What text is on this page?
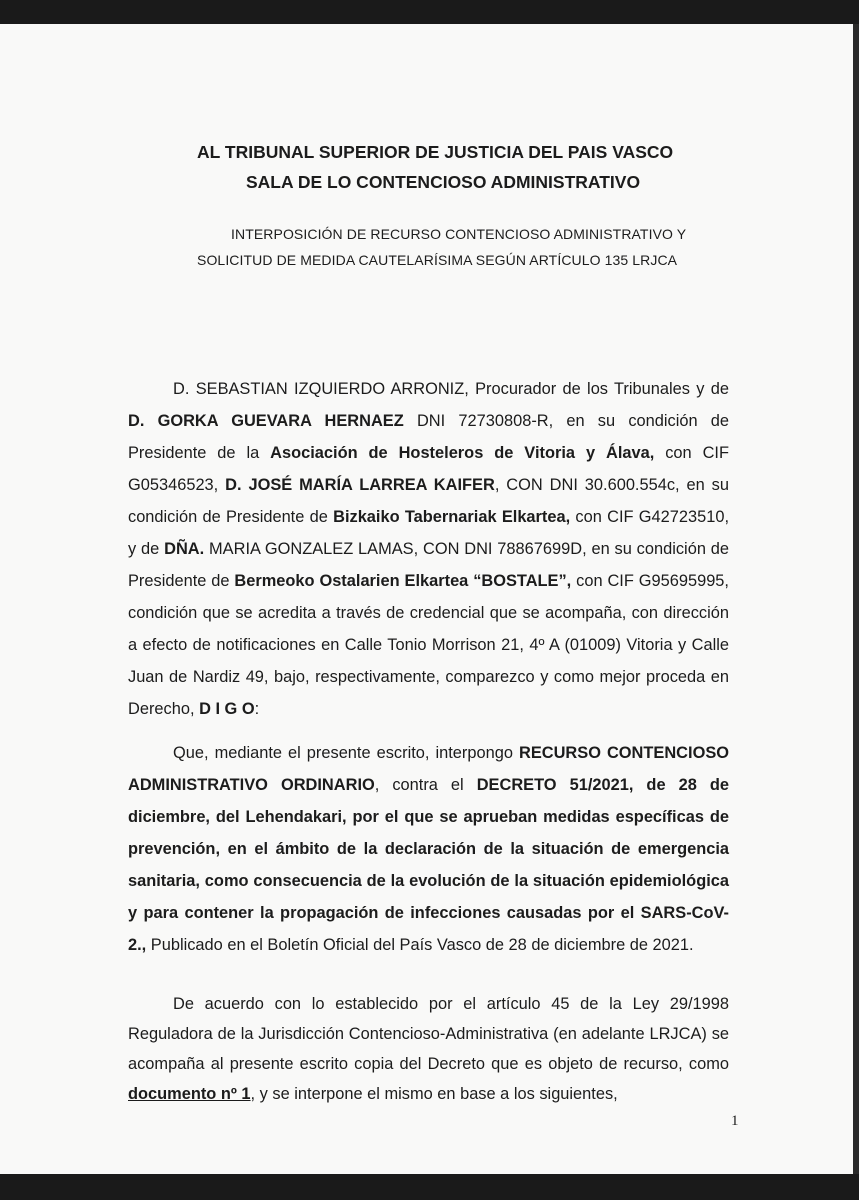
AL TRIBUNAL SUPERIOR DE JUSTICIA DEL PAIS VASCO
SALA DE LO CONTENCIOSO ADMINISTRATIVO
INTERPOSICIÓN DE RECURSO CONTENCIOSO ADMINISTRATIVO Y
SOLICITUD DE MEDIDA CAUTELARÍSIMA SEGÚN ARTÍCULO 135 LRJCA

D. SEBASTIAN IZQUIERDO ARRONIZ, Procurador de los Tribunales y de D. GORKA GUEVARA HERNAEZ DNI 72730808-R, en su condición de Presidente de la Asociación de Hosteleros de Vitoria y Álava, con CIF G05346523, D. JOSÉ MARÍA LARREA KAIFER, CON DNI 30.600.554c, en su condición de Presidente de Bizkaiko Tabernariak Elkartea, con CIF G42723510, y de DÑA. MARIA GONZALEZ LAMAS, CON DNI 78867699D, en su condición de Presidente de Bermeoko Ostalarien Elkartea “BOSTALE”, con CIF G95695995, condición que se acredita a través de credencial que se acompaña, con dirección a efecto de notificaciones en Calle Tonio Morrison 21, 4º A (01009) Vitoria y Calle Juan de Nardiz 49, bajo, respectivamente, comparezco y como mejor proceda en Derecho, D I G O:

Que, mediante el presente escrito, interpongo RECURSO CONTENCIOSO ADMINISTRATIVO ORDINARIO, contra el DECRETO 51/2021, de 28 de diciembre, del Lehendakari, por el que se aprueban medidas específicas de prevención, en el ámbito de la declaración de la situación de emergencia sanitaria, como consecuencia de la evolución de la situación epidemiológica y para contener la propagación de infecciones causadas por el SARS-CoV-2., Publicado en el Boletín Oficial del País Vasco de 28 de diciembre de 2021.

De acuerdo con lo establecido por el artículo 45 de la Ley 29/1998 Reguladora de la Jurisdicción Contencioso-Administrativa (en adelante LRJCA) se acompaña al presente escrito copia del Decreto que es objeto de recurso, como documento nº 1, y se interpone el mismo en base a los siguientes,

1
